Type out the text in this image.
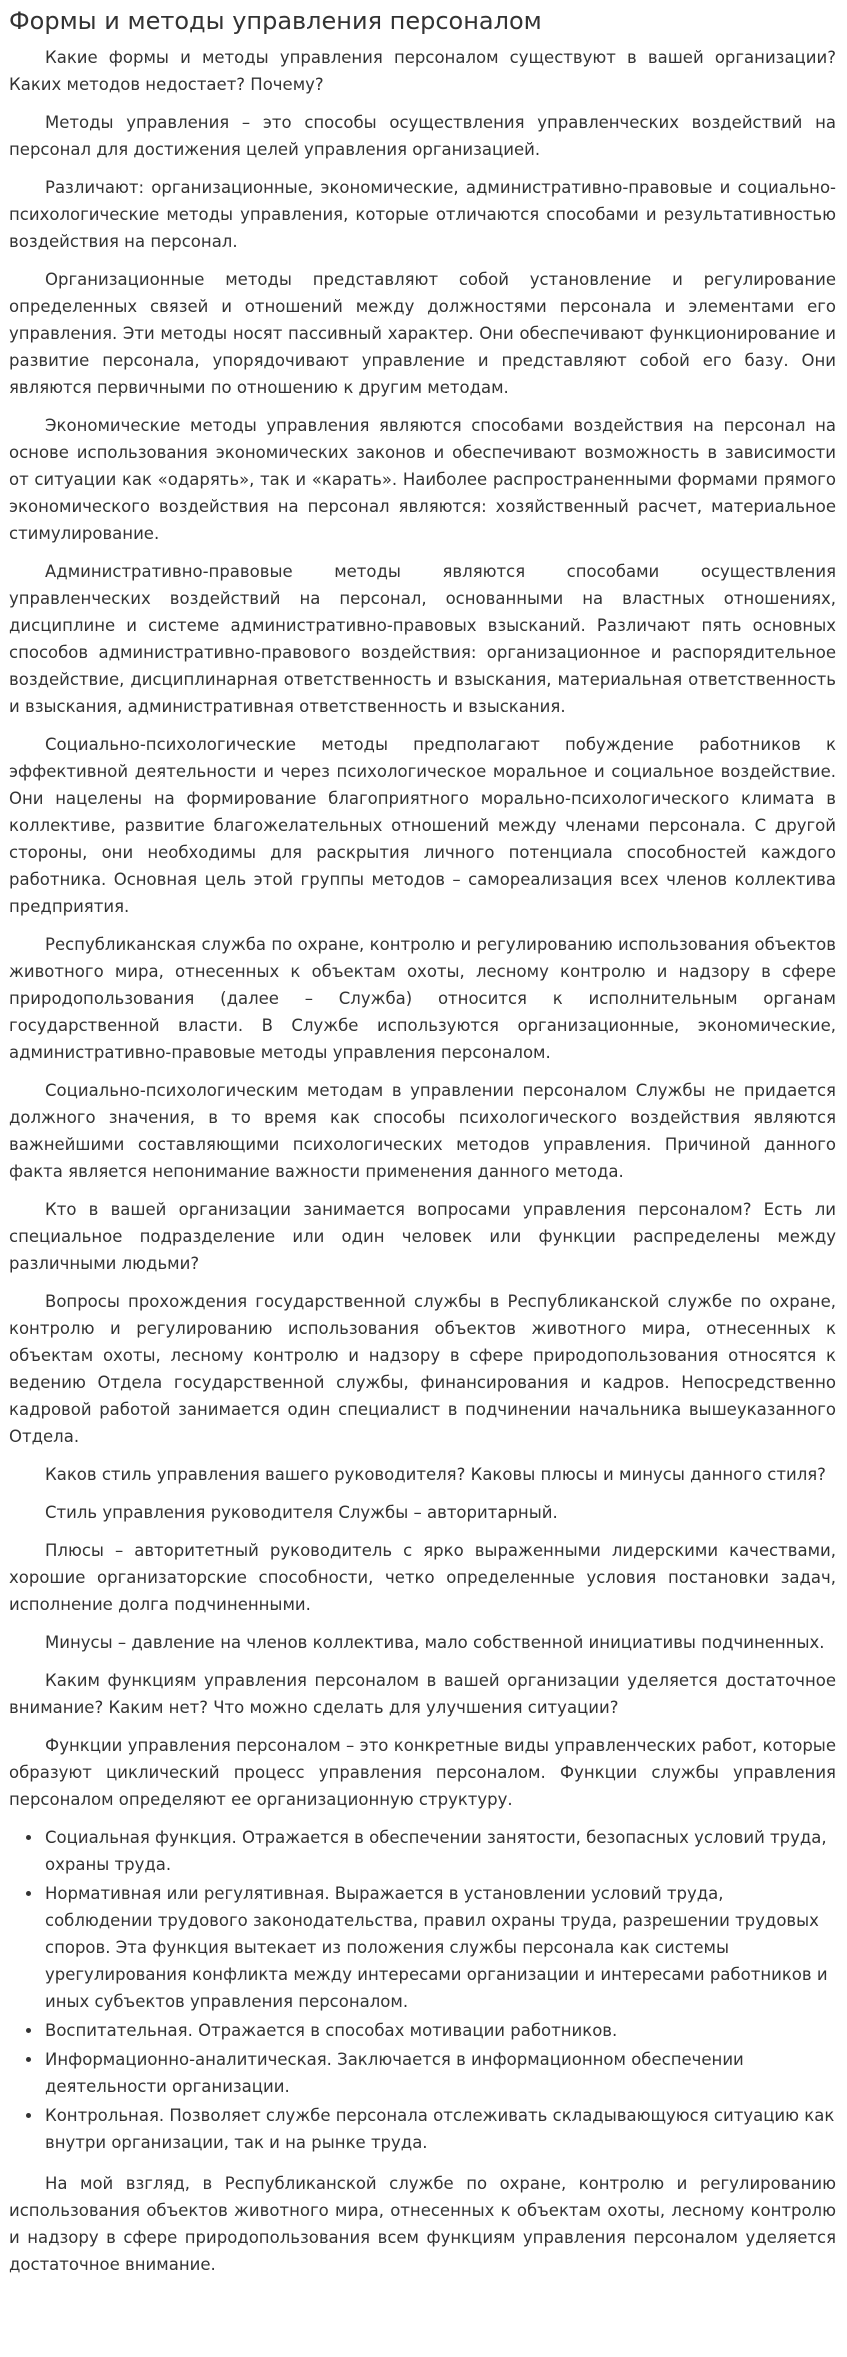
Формы и методы управления персоналом

Какие формы и методы управления персоналом существуют в вашей организации? Каких методов недостает? Почему?

Методы управления – это способы осуществления управленческих воздействий на персонал для достижения целей управления организацией.

Различают: организационные, экономические, административно-правовые и социально-психологические методы управления, которые отличаются способами и результативностью воздействия на персонал.

Организационные методы представляют собой установление и регулирование определенных связей и отношений между должностями персонала и элементами его управления. Эти методы носят пассивный характер. Они обеспечивают функционирование и развитие персонала, упорядочивают управление и представляют собой его базу. Они являются первичными по отношению к другим методам.

Экономические методы управления являются способами воздействия на персонал на основе использования экономических законов и обеспечивают возможность в зависимости от ситуации как «одарять», так и «карать». Наиболее распространенными формами прямого экономического воздействия на персонал являются: хозяйственный расчет, материальное стимулирование.

Административно-правовые методы являются способами осуществления управленческих воздействий на персонал, основанными на властных отношениях, дисциплине и системе административно-правовых взысканий. Различают пять основных способов административно-правового воздействия: организационное и распорядительное воздействие, дисциплинарная ответственность и взыскания, материальная ответственность и взыскания, административная ответственность и взыскания.

Социально-психологические методы предполагают побуждение работников к эффективной деятельности и через психологическое моральное и социальное воздействие. Они нацелены на формирование благоприятного морально-психологического климата в коллективе, развитие благожелательных отношений между членами персонала. С другой стороны, они необходимы для раскрытия личного потенциала способностей каждого работника. Основная цель этой группы методов – самореализация всех членов коллектива предприятия.

Республиканская служба по охране, контролю и регулированию использования объектов животного мира, отнесенных к объектам охоты, лесному контролю и надзору в сфере природопользования (далее – Служба) относится к исполнительным органам государственной власти. В Службе используются организационные, экономические, административно-правовые методы управления персоналом.

Социально-психологическим методам в управлении персоналом Службы не придается должного значения, в то время как способы психологического воздействия являются важнейшими составляющими психологических методов управления. Причиной данного факта является непонимание важности применения данного метода.

Кто в вашей организации занимается вопросами управления персоналом? Есть ли специальное подразделение или один человек или функции распределены между различными людьми?

Вопросы прохождения государственной службы в Республиканской службе по охране, контролю и регулированию использования объектов животного мира, отнесенных к объектам охоты, лесному контролю и надзору в сфере природопользования относятся к ведению Отдела государственной службы, финансирования и кадров. Непосредственно кадровой работой занимается один специалист в подчинении начальника вышеуказанного Отдела.

Каков стиль управления вашего руководителя? Каковы плюсы и минусы данного стиля?

Стиль управления руководителя Службы – авторитарный.

Плюсы – авторитетный руководитель с ярко выраженными лидерскими качествами, хорошие организаторские способности, четко определенные условия постановки задач, исполнение долга подчиненными.

Минусы – давление на членов коллектива, мало собственной инициативы подчиненных.

Каким функциям управления персоналом в вашей организации уделяется достаточное внимание? Каким нет? Что можно сделать для улучшения ситуации?

Функции управления персоналом – это конкретные виды управленческих работ, которые образуют циклический процесс управления персоналом. Функции службы управления персоналом определяют ее организационную структуру.

• Социальная функция. Отражается в обеспечении занятости, безопасных условий труда, охраны труда.
• Нормативная или регулятивная. Выражается в установлении условий труда, соблюдении трудового законодательства, правил охраны труда, разрешении трудовых споров. Эта функция вытекает из положения службы персонала как системы урегулирования конфликта между интересами организации и интересами работников и иных субъектов управления персоналом.
• Воспитательная. Отражается в способах мотивации работников.
• Информационно-аналитическая. Заключается в информационном обеспечении деятельности организации.
• Контрольная. Позволяет службе персонала отслеживать складывающуюся ситуацию как внутри организации, так и на рынке труда.

На мой взгляд, в Республиканской службе по охране, контролю и регулированию использования объектов животного мира, отнесенных к объектам охоты, лесному контролю и надзору в сфере природопользования всем функциям управления персоналом уделяется достаточное внимание.
